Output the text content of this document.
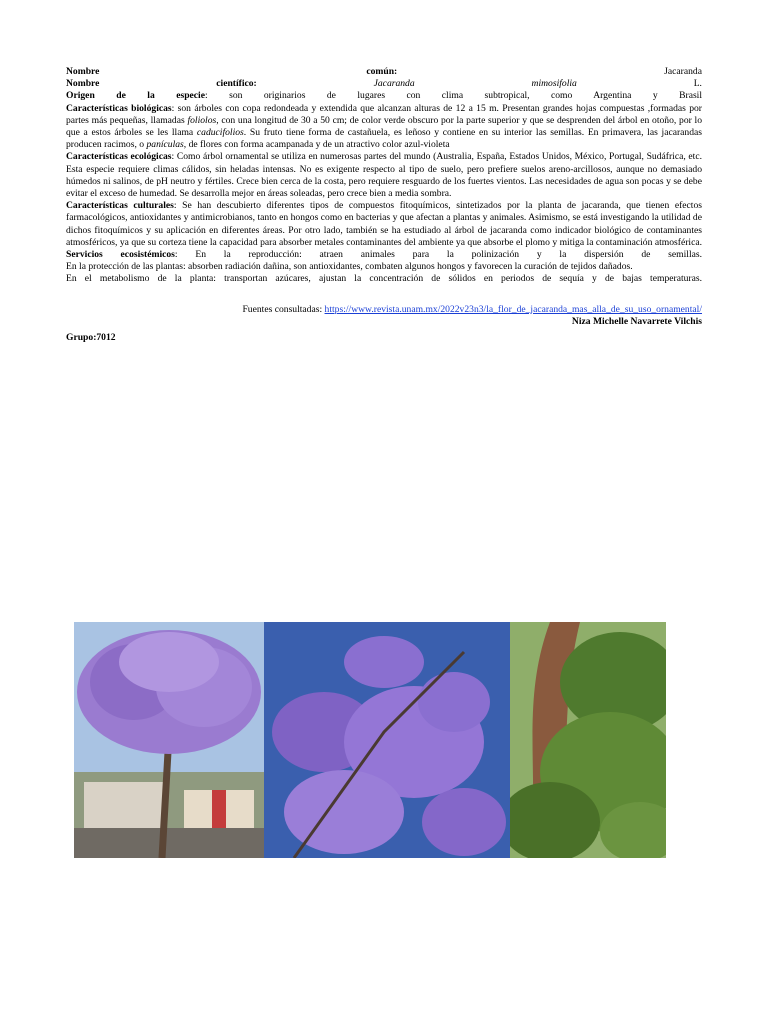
Nombre	común:	Jacaranda
Nombre	científico:	Jacaranda	mimosifolia	L.
Origen de la especie: son originarios de lugares con clima subtropical, como Argentina y Brasil
Características biológicas: son árboles con copa redondeada y extendida que alcanzan alturas de 12 a 15 m. Presentan grandes hojas compuestas ,formadas por partes más pequeñas, llamadas foliolos, con una longitud de 30 a 50 cm; de color verde obscuro por la parte superior y que se desprenden del árbol en otoño, por lo que a estos árboles se les llama caducifolios. Su fruto tiene forma de castañuela, es leñoso y contiene en su interior las semillas. En primavera, las jacarandas producen racimos, o panículas, de flores con forma acampanada y de un atractivo color azul-violeta
Características ecológicas: Como árbol ornamental se utiliza en numerosas partes del mundo (Australia, España, Estados Unidos, México, Portugal, Sudáfrica, etc. Esta especie requiere climas cálidos, sin heladas intensas. No es exigente respecto al tipo de suelo, pero prefiere suelos areno-arcillosos, aunque no demasiado húmedos ni salinos, de pH neutro y fértiles. Crece bien cerca de la costa, pero requiere resguardo de los fuertes vientos. Las necesidades de agua son pocas y se debe evitar el exceso de humedad. Se desarrolla mejor en áreas soleadas, pero crece bien a media sombra.
Características culturales: Se han descubierto diferentes tipos de compuestos fitoquímicos, sintetizados por la planta de jacaranda, que tienen efectos farmacológicos, antioxidantes y antimicrobianos, tanto en hongos como en bacterias y que afectan a plantas y animales. Asimismo, se está investigando la utilidad de dichos fitoquímicos y su aplicación en diferentes áreas. Por otro lado, también se ha estudiado al árbol de jacaranda como indicador biológico de contaminantes atmosféricos, ya que su corteza tiene la capacidad para absorber metales contaminantes del ambiente ya que absorbe el plomo y mitiga la contaminación atmosférica.
Servicios ecosistémicos: En la reproducción: atraen animales para la polinización y la dispersión de semillas.
En la protección de las plantas: absorben radiación dañina, son antioxidantes, combaten algunos hongos y favorecen la curación de tejidos dañados.
En el metabolismo de la planta: transportan azúcares, ajustan la concentración de sólidos en periodos de sequía y de bajas temperaturas.
Fuentes consultadas: https://www.revista.unam.mx/2022v23n3/la_flor_de_jacaranda_mas_alla_de_su_uso_ornamental/
Niza Michelle Navarrete Vilchis
Grupo:7012
